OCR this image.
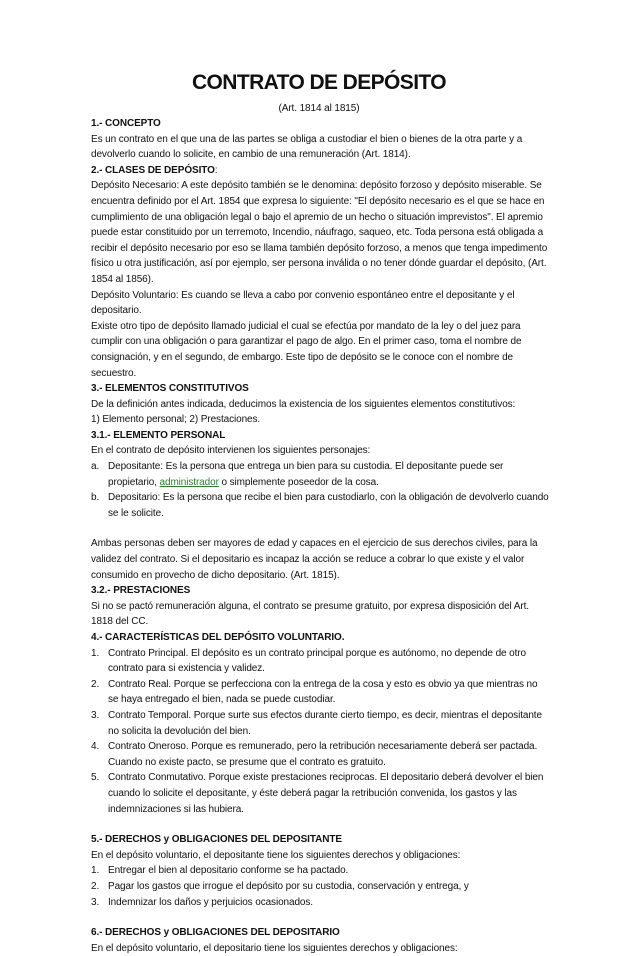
CONTRATO DE DEPÓSITO
(Art. 1814 al 1815)

1.- CONCEPTO

Es un contrato en el que una de las partes se obliga a custodiar el bien o bienes de la otra parte y a devolverlo cuando lo solicite, en cambio de una remuneración (Art. 1814).

2.- CLASES DE DEPÓSITO:

Depósito Necesario: A este depósito también se le denomina: depósito forzoso y depósito miserable. Se encuentra definido por el Art. 1854 que expresa lo siguiente: "El depósito necesario es el que se hace en cumplimiento de una obligación legal o bajo el apremio de un hecho o situación imprevistos". El apremio puede estar constituido por un terremoto, Incendio, náufrago, saqueo, etc. Toda persona está obligada a recibir el depósito necesario por eso se llama también depósito forzoso, a menos que tenga impedimento físico u otra justificación, así por ejemplo, ser persona inválida o no tener dónde guardar el depósito, (Art. 1854 al 1856).

Depósito Voluntario: Es cuando se lleva a cabo por convenio espontáneo entre el depositante y el depositario.

Existe otro tipo de depósito llamado judicial el cual se efectúa por mandato de la ley o del juez para cumplir con una obligación o para garantizar el pago de algo. En el primer caso, toma el nombre de consignación, y en el segundo, de embargo. Este tipo de depósito se le conoce con el nombre de secuestro.

3.- ELEMENTOS CONSTITUTIVOS

De la definición antes indicada, deducimos la existencia de los siguientes elementos constitutivos:

1) Elemento personal; 2) Prestaciones.

3.1.- ELEMENTO PERSONAL

En el contrato de depósito intervienen los siguientes personajes:

a. Depositante: Es la persona que entrega un bien para su custodia. El depositante puede ser propietario, administrador o simplemente poseedor de la cosa.
b. Depositario: Es la persona que recibe el bien para custodiarlo, con la obligación de devolverlo cuando se le solicite.

Ambas personas deben ser mayores de edad y capaces en el ejercicio de sus derechos civiles, para la validez del contrato. Si el depositario es incapaz la acción se reduce a cobrar lo que existe y el valor consumido en provecho de dicho depositario. (Art. 1815).

3.2.- PRESTACIONES

Si no se pactó remuneración alguna, el contrato se presume gratuito, por expresa disposición del Art. 1818 del CC.

4.- CARACTERÍSTICAS DEL DEPÓSITO VOLUNTARIO.

1. Contrato Principal. El depósito es un contrato principal porque es autónomo, no depende de otro contrato para si existencia y validez.
2. Contrato Real. Porque se perfecciona con la entrega de la cosa y esto es obvio ya que mientras no se haya entregado el bien, nada se puede custodiar.
3. Contrato Temporal. Porque surte sus efectos durante cierto tiempo, es decir, mientras el depositante no solicita la devolución del bien.
4. Contrato Oneroso. Porque es remunerado, pero la retribución necesariamente deberá ser pactada. Cuando no existe pacto, se presume que el contrato es gratuito.
5. Contrato Conmutativo. Porque existe prestaciones reciprocas. El depositario deberá devolver el bien cuando lo solicite el depositante, y éste deberá pagar la retribución convenida, los gastos y las indemnizaciones si las hubiera.

5.- DERECHOS y OBLIGACIONES DEL DEPOSITANTE

En el depósito voluntario, el depositante tiene los siguientes derechos y obligaciones:

1. Entregar el bien al depositario conforme se ha pactado.
2. Pagar los gastos que irrogue el depósito por su custodia, conservación y entrega, y
3. Indemnizar los daños y perjuicios ocasionados.

6.- DERECHOS y OBLIGACIONES DEL DEPOSITARIO

En el depósito voluntario, el depositario tiene los siguientes derechos y obligaciones:
